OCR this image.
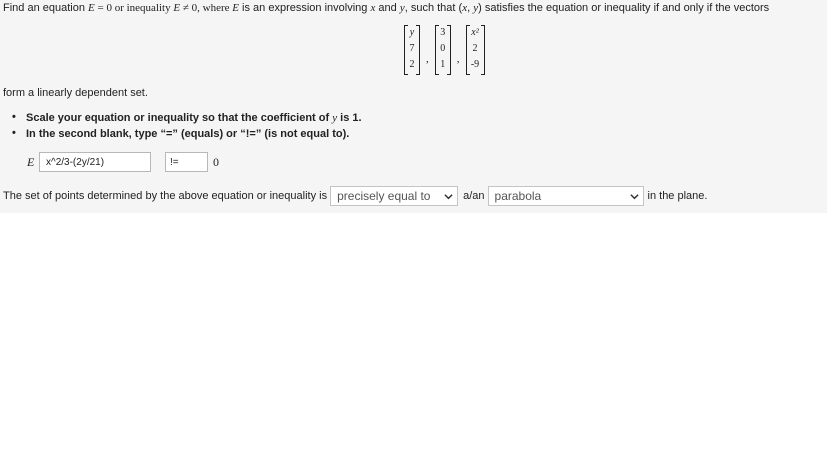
Find an equation E = 0 or inequality E ≠ 0, where E is an expression involving x and y, such that (x, y) satisfies the equation or inequality if and only if the vectors
y
7
2	,
3
0
1	,
x²
2
-9
form a linearly dependent set.
• Scale your equation or inequality so that the coefficient of y is 1.
• In the second blank, type “=” (equals) or “!=” (is not equal to).
E
x^2/3-(2y/21)
!=	0
The set of points determined by the above equation or inequality is precisely equal to	a/an parabola	in the plane.
